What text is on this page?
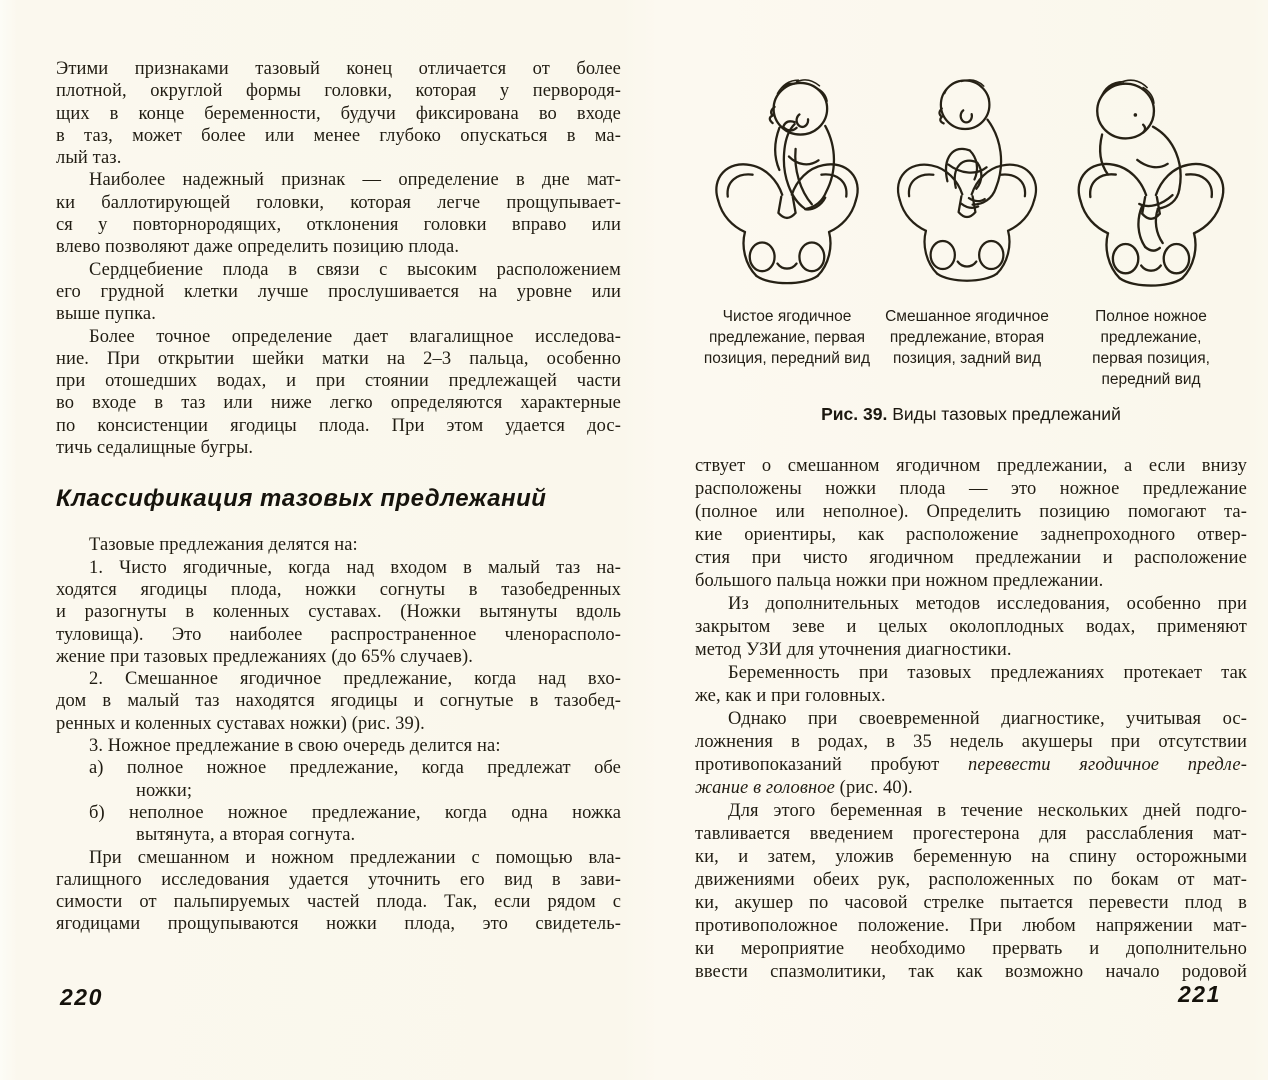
Этими признаками тазовый конец отличается от более
плотной, округлой формы головки, которая у первородя-
щих в конце беременности, будучи фиксирована во входе
в таз, может более или менее глубоко опускаться в ма-
лый таз.
Наиболее надежный признак — определение в дне мат-
ки баллотирующей головки, которая легче прощупывает-
ся у повторнородящих, отклонения головки вправо или
влево позволяют даже определить позицию плода.
Сердцебиение плода в связи с высоким расположением
его грудной клетки лучше прослушивается на уровне или
выше пупка.
Более точное определение дает влагалищное исследова-
ние. При открытии шейки матки на 2–3 пальца, особенно
при отошедших водах, и при стоянии предлежащей части
во входе в таз или ниже легко определяются характерные
по консистенции ягодицы плода. При этом удается дос-
тичь седалищные бугры.
Классификация тазовых предлежаний
Тазовые предлежания делятся на:
1. Чисто ягодичные, когда над входом в малый таз на-
ходятся ягодицы плода, ножки согнуты в тазобедренных
и разогнуты в коленных суставах. (Ножки вытянуты вдоль
туловища). Это наиболее распространенное членорасполо-
жение при тазовых предлежаниях (до 65% случаев).
2. Смешанное ягодичное предлежание, когда над вхо-
дом в малый таз находятся ягодицы и согнутые в тазобед-
ренных и коленных суставах ножки) (рис. 39).
3. Ножное предлежание в свою очередь делится на:
а) полное ножное предлежание, когда предлежат обе
ножки;
б) неполное ножное предлежание, когда одна ножка
вытянута, а вторая согнута.
При смешанном и ножном предлежании с помощью вла-
галищного исследования удается уточнить его вид в зави-
симости от пальпируемых частей плода. Так, если рядом с
ягодицами прощупываются ножки плода, это свидетель-
Чистое ягодичное
предлежание, первая
позиция, передний вид
Смешанное ягодичное
предлежание, вторая
позиция, задний вид
Полное ножное
предлежание,
первая позиция,
передний вид
Рис. 39. Виды тазовых предлежаний
ствует о смешанном ягодичном предлежании, а если внизу
расположены ножки плода — это ножное предлежание
(полное или неполное). Определить позицию помогают та-
кие ориентиры, как расположение заднепроходного отвер-
стия при чисто ягодичном предлежании и расположение
большого пальца ножки при ножном предлежании.
Из дополнительных методов исследования, особенно при
закрытом зеве и целых околоплодных водах, применяют
метод УЗИ для уточнения диагностики.
Беременность при тазовых предлежаниях протекает так
же, как и при головных.
Однако при своевременной диагностике, учитывая ос-
ложнения в родах, в 35 недель акушеры при отсутствии
противопоказаний пробуют перевести ягодичное предле-
жание в головное (рис. 40).
Для этого беременная в течение нескольких дней подго-
тавливается введением прогестерона для расслабления мат-
ки, и затем, уложив беременную на спину осторожными
движениями обеих рук, расположенных по бокам от мат-
ки, акушер по часовой стрелке пытается перевести плод в
противоположное положение. При любом напряжении мат-
ки мероприятие необходимо прервать и дополнительно
ввести спазмолитики, так как возможно начало родовой
220	221
